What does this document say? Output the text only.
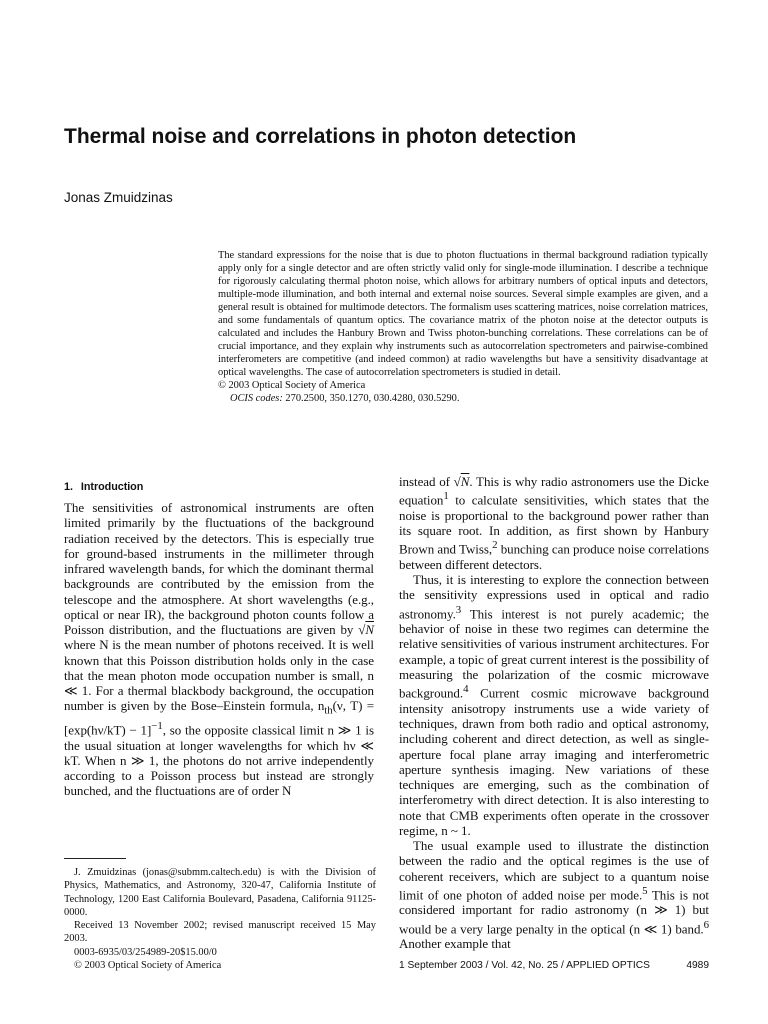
Thermal noise and correlations in photon detection
Jonas Zmuidzinas

The standard expressions for the noise that is due to photon fluctuations in thermal background radiation typically apply only for a single detector and are often strictly valid only for single-mode illumination. I describe a technique for rigorously calculating thermal photon noise, which allows for arbitrary numbers of optical inputs and detectors, multiple-mode illumination, and both internal and external noise sources. Several simple examples are given, and a general result is obtained for multimode detectors. The formalism uses scattering matrices, noise correlation matrices, and some fundamentals of quantum optics. The covariance matrix of the photon noise at the detector outputs is calculated and includes the Hanbury Brown and Twiss photon-bunching correlations. These correlations can be of crucial importance, and they explain why instruments such as autocorrelation spectrometers and pairwise-combined interferometers are competitive (and indeed common) at radio wavelengths but have a sensitivity disadvantage at optical wavelengths. The case of autocorrelation spectrometers is studied in detail.

© 2003 Optical Society of America

OCIS codes: 270.2500, 350.1270, 030.4280, 030.5290.

1. Introduction

The sensitivities of astronomical instruments are often limited primarily by the fluctuations of the background radiation received by the detectors. This is especially true for ground-based instruments in the millimeter through infrared wavelength bands, for which the dominant thermal backgrounds are contributed by the emission from the telescope and the atmosphere. At short wavelengths (e.g., optical or near IR), the background photon counts follow a Poisson distribution, and the fluctuations are given by √N where N is the mean number of photons received. It is well known that this Poisson distribution holds only in the case that the mean photon mode occupation number is small, n ≪ 1. For a thermal blackbody background, the occupation number is given by the Bose–Einstein formula, $n_{th}(\nu$, $T) = [\exp(h\nu/kT) - 1]^{-1}$, so the opposite classical limit n ≫ 1 is the usual situation at longer wavelengths for which hν ≪ kT. When n ≫ 1, the photons do not arrive independently according to a Poisson process but instead are strongly bunched, and the fluctuations are of order N

instead of √N. This is why radio astronomers use the Dicke equation$^1$ to calculate sensitivities, which states that the noise is proportional to the background power rather than its square root. In addition, as first shown by Hanbury Brown and Twiss,$^2$ bunching can produce noise correlations between different detectors.

Thus, it is interesting to explore the connection between the sensitivity expressions used in optical and radio astronomy.$^3$ This interest is not purely academic; the behavior of noise in these two regimes can determine the relative sensitivities of various instrument architectures. For example, a topic of great current interest is the possibility of measuring the polarization of the cosmic microwave background.$^4$ Current cosmic microwave background intensity anisotropy instruments use a wide variety of techniques, drawn from both radio and optical astronomy, including coherent and direct detection, as well as single-aperture focal plane array imaging and interferometric aperture synthesis imaging. New variations of these techniques are emerging, such as the combination of interferometry with direct detection. It is also interesting to note that CMB experiments often operate in the crossover regime, n ~ 1.

The usual example used to illustrate the distinction between the radio and the optical regimes is the use of coherent receivers, which are subject to a quantum noise limit of one photon of added noise per mode.$^5$ This is not considered important for radio astronomy (n ≫ 1) but would be a very large penalty in the optical (n ≪ 1) band.$^6$ Another example that

J. Zmuidzinas (jonas@submm.caltech.edu) is with the Division of Physics, Mathematics, and Astronomy, 320-47, California Institute of Technology, 1200 East California Boulevard, Pasadena, California 91125-0000.

Received 13 November 2002; revised manuscript received 15 May 2003.

0003-6935/03/254989-20$15.00/0

© 2003 Optical Society of America	1 September 2003 / Vol. 42, No. 25 / APPLIED OPTICS	4989
